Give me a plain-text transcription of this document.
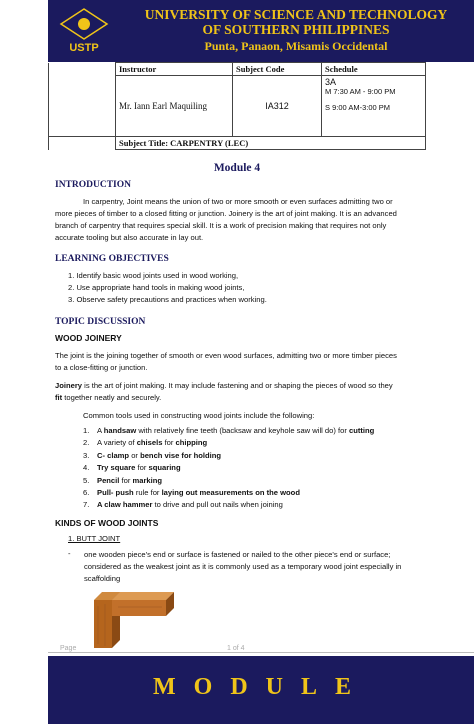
USTP
UNIVERSITY OF SCIENCE AND TECHNOLOGY
OF SOUTHERN PHILIPPINES
Punta, Panaon, Misamis Occidental
	Instructor	Subject Code	Schedule
	Mr. Iann Earl Maquiling	IA312	3A
M 7:30 AM - 9:00 PM
S 9:00 AM-3:00 PM

	Subject Title: CARPENTRY (LEC)		
Module 4
INTRODUCTION
In carpentry, Joint means the union of two or more smooth or even surfaces admitting two or
more pieces of timber to a closed fitting or junction. Joinery is the art of joint making. It is an advanced
branch of carpentry that requires special skill. It is a work of precision making that requires not only
accurate tooling but also accurate in lay out.
LEARNING OBJECTIVES
1. Identify basic wood joints used in wood working,
2. Use appropriate hand tools in making wood joints,
3. Observe safety precautions and practices when working.
TOPIC DISCUSSION
WOOD JOINERY
The joint is the joining together of smooth or even wood surfaces, admitting two or more timber pieces
to a close-fitting or junction.
Joinery is the art of joint making. It may include fastening and or shaping the pieces of wood so they
fit together neatly and securely.
Common tools used in constructing wood joints include the following:
1. A handsaw with relatively fine teeth (backsaw and keyhole saw will do) for cutting
2. A variety of chisels for chipping
3. C- clamp or bench vise for holding
4. Try square for squaring
5. Pencil for marking
6. Pull- push rule for laying out measurements on the wood
7. A claw hammer to drive and pull out nails when joining
KINDS OF WOOD JOINTS
1. BUTT JOINT
- one wooden piece's end or surface is fastened or nailed to the other piece's end or surface;
considered as the weakest joint as it is commonly used as a temporary wood joint especially in
scaffolding
Page	1 of 4
MODULE
